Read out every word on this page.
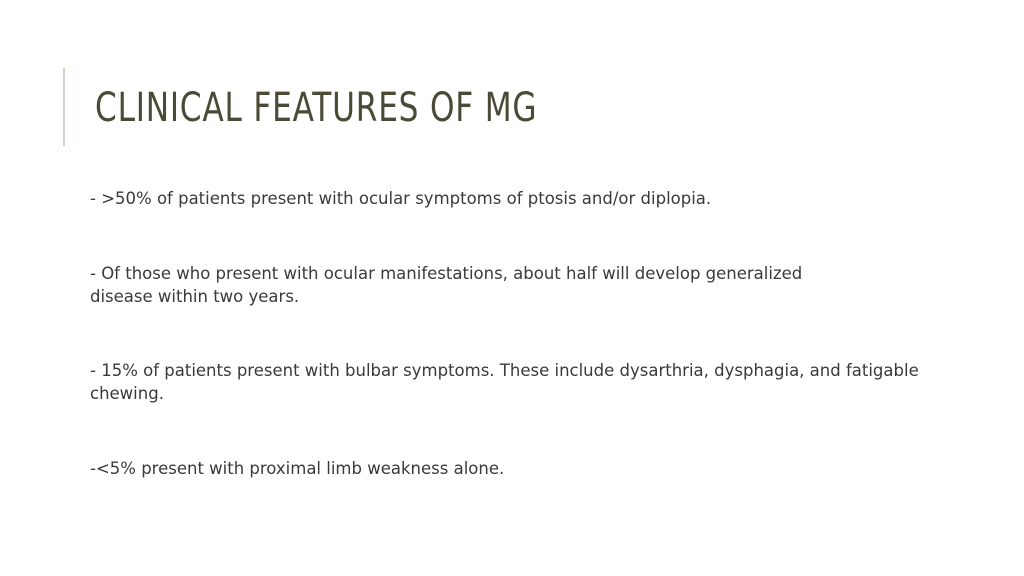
CLINICAL FEATURES OF MG
- >50% of patients present with ocular symptoms of ptosis and/or diplopia.
- Of those who present with ocular manifestations, about half will develop generalized disease within two years.
- 15% of patients present with bulbar symptoms. These include dysarthria, dysphagia, and fatigable chewing.
-<5% present with proximal limb weakness alone.
